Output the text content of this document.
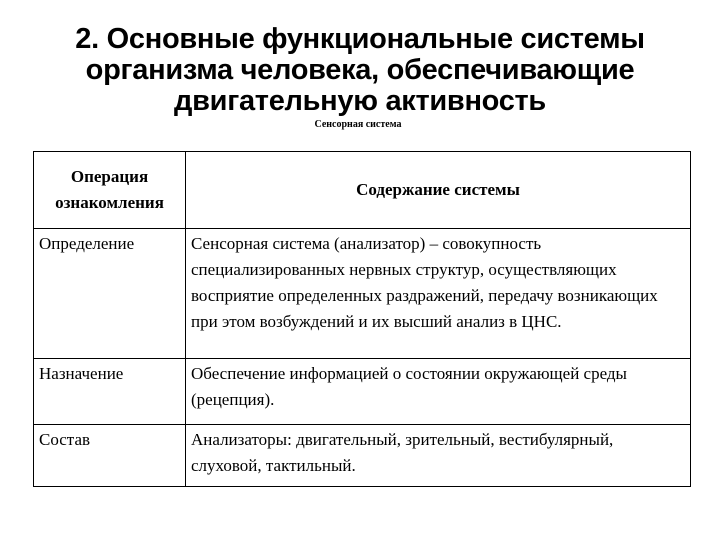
2. Основные функциональные системы
организма человека, обеспечивающие
двигательную активность
Сенсорная система
Операция ознакомления	Содержание системы
Определение	Сенсорная система (анализатор) – совокупность специализированных нервных структур, осуществляющих восприятие определенных раздражений, передачу возникающих при этом возбуждений и их высший анализ в ЦНС.
Назначение	Обеспечение информацией о состоянии окружающей среды (рецепция).
Состав	Анализаторы: двигательный, зрительный, вестибулярный, слуховой, тактильный.
